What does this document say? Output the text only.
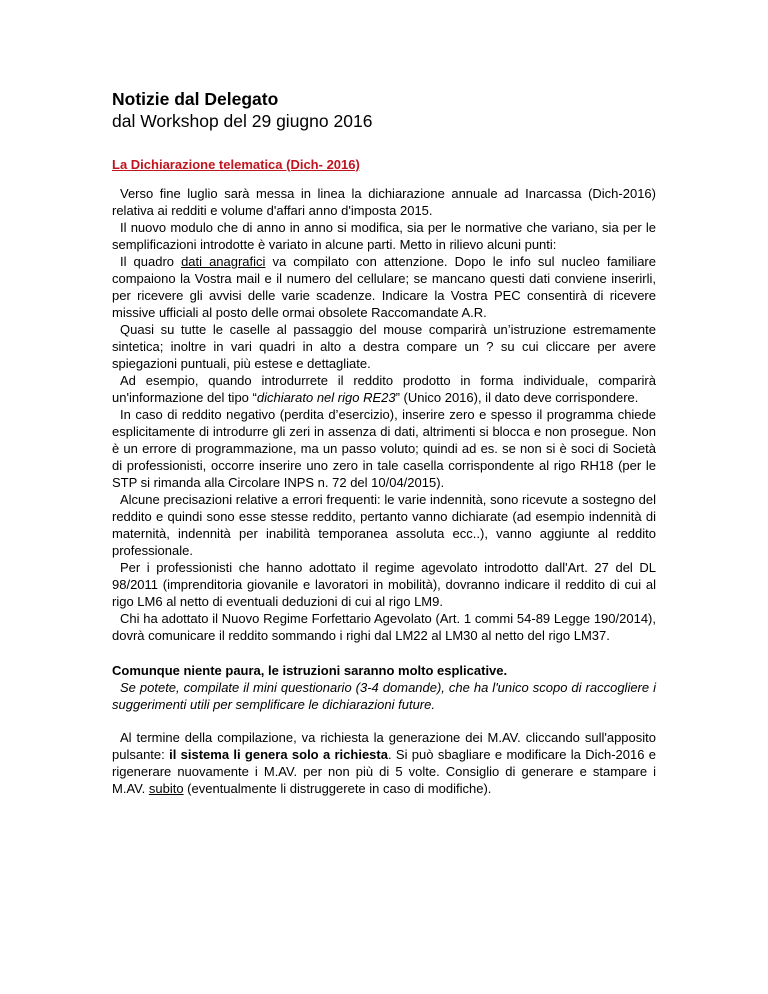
Notizie dal Delegato
dal Workshop del 29 giugno 2016
La Dichiarazione telematica (Dich- 2016)

Verso fine luglio sarà messa in linea la dichiarazione annuale ad Inarcassa (Dich-2016) relativa ai redditi e volume d'affari anno d'imposta 2015.

Il nuovo modulo che di anno in anno si modifica, sia per le normative che variano, sia per le semplificazioni introdotte è variato in alcune parti. Metto in rilievo alcuni punti:

Il quadro dati anagrafici va compilato con attenzione. Dopo le info sul nucleo familiare compaiono la Vostra mail e il numero del cellulare; se mancano questi dati conviene inserirli, per ricevere gli avvisi delle varie scadenze. Indicare la Vostra PEC consentirà di ricevere missive ufficiali al posto delle ormai obsolete Raccomandate A.R.

Quasi su tutte le caselle al passaggio del mouse comparirà un’istruzione estremamente sintetica; inoltre in vari quadri in alto a destra compare un ? su cui cliccare per avere spiegazioni puntuali, più estese e dettagliate.

Ad esempio, quando introdurrete il reddito prodotto in forma individuale, comparirà un'informazione del tipo “dichiarato nel rigo RE23” (Unico 2016), il dato deve corrispondere.

In caso di reddito negativo (perdita d’esercizio), inserire zero e spesso il programma chiede esplicitamente di introdurre gli zeri in assenza di dati, altrimenti si blocca e non prosegue. Non è un errore di programmazione, ma un passo voluto; quindi ad es. se non si è soci di Società di professionisti, occorre inserire uno zero in tale casella corrispondente al rigo RH18 (per le STP si rimanda alla Circolare INPS n. 72 del 10/04/2015).

Alcune precisazioni relative a errori frequenti: le varie indennità, sono ricevute a sostegno del reddito e quindi sono esse stesse reddito, pertanto vanno dichiarate (ad esempio indennità di maternità, indennità per inabilità temporanea assoluta ecc..), vanno aggiunte al reddito professionale.

Per i professionisti che hanno adottato il regime agevolato introdotto dall'Art. 27 del DL 98/2011 (imprenditoria giovanile e lavoratori in mobilità), dovranno indicare il reddito di cui al rigo LM6 al netto di eventuali deduzioni di cui al rigo LM9.

Chi ha adottato il Nuovo Regime Forfettario Agevolato (Art. 1 commi 54-89 Legge 190/2014), dovrà comunicare il reddito sommando i righi dal LM22 al LM30 al netto del rigo LM37.

Comunque niente paura, le istruzioni saranno molto esplicative.

Se potete, compilate il mini questionario (3-4 domande), che ha l'unico scopo di raccogliere i suggerimenti utili per semplificare le dichiarazioni future.

Al termine della compilazione, va richiesta la generazione dei M.AV. cliccando sull'apposito pulsante: il sistema li genera solo a richiesta. Si può sbagliare e modificare la Dich-2016 e rigenerare nuovamente i M.AV. per non più di 5 volte. Consiglio di generare e stampare i M.AV. subito (eventualmente li distruggerete in caso di modifiche).
